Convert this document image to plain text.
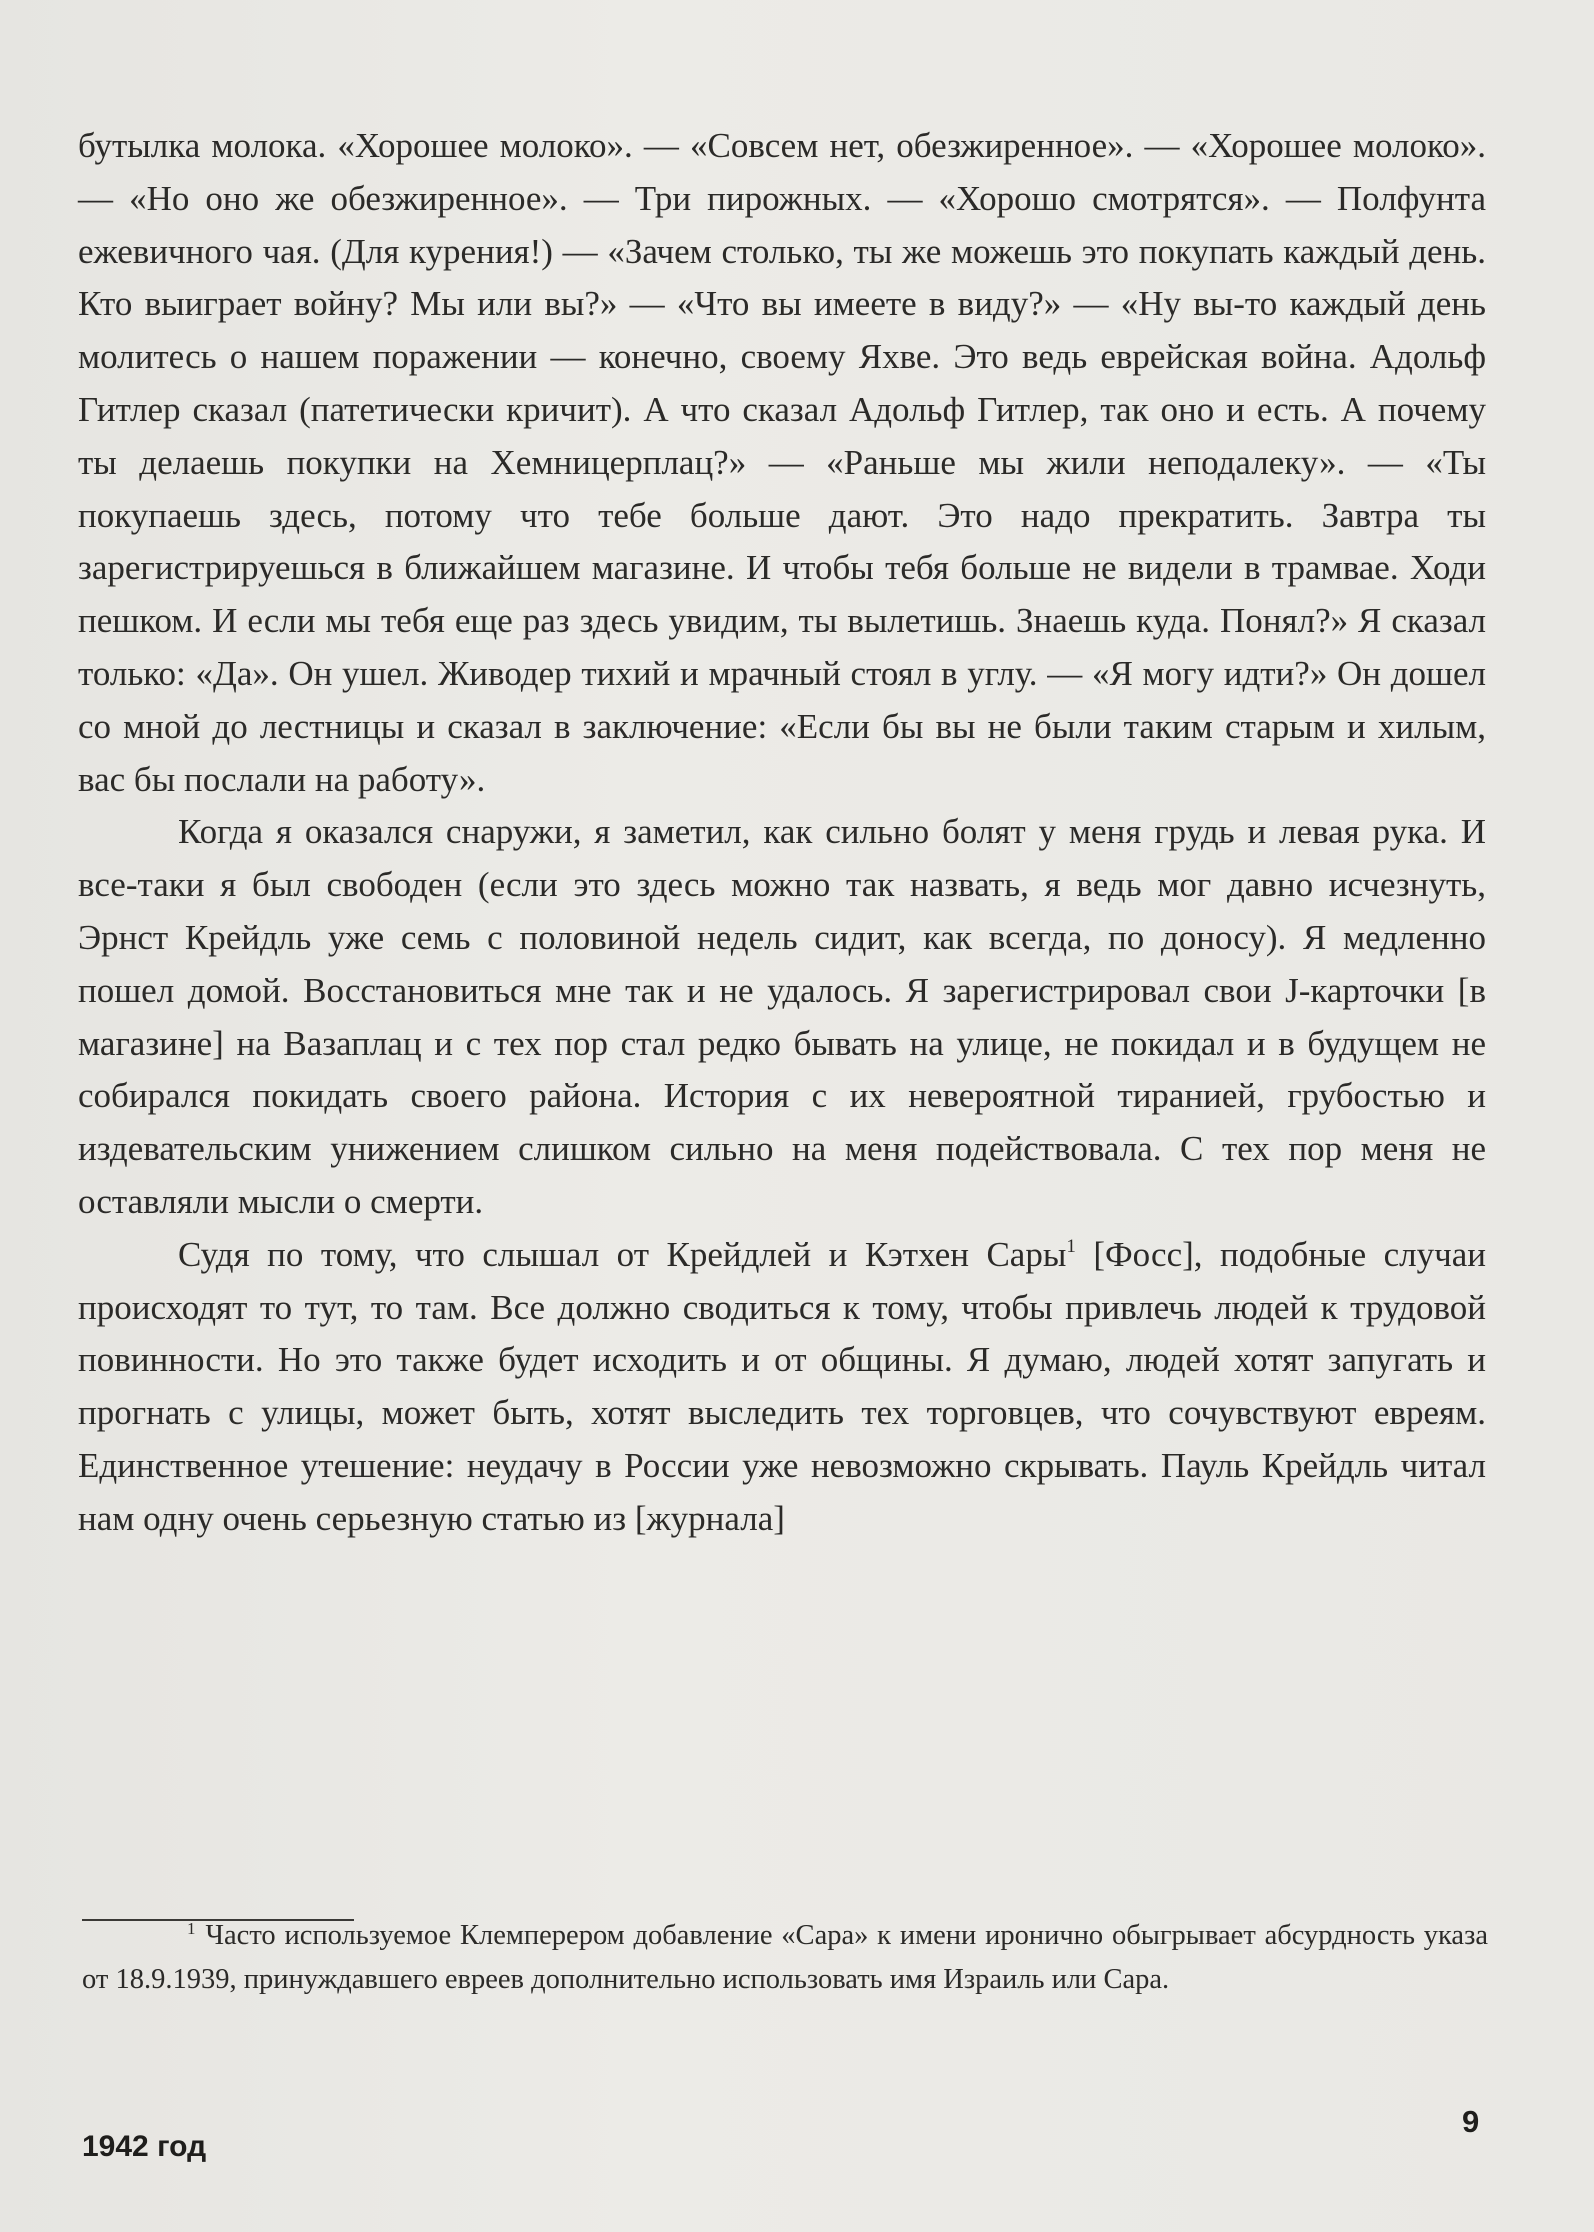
бутылка молока. «Хорошее молоко». — «Совсем нет, обезжиренное». — «Хорошее молоко». — «Но оно же обезжиренное». — Три пирожных. — «Хорошо смотрятся». — Полфунта ежевичного чая. (Для курения!) — «Зачем столько, ты же можешь это покупать каждый день. Кто выиграет войну? Мы или вы?» — «Что вы имеете в виду?» — «Ну вы-то каждый день молитесь о нашем поражении — конечно, своему Яхве. Это ведь еврейская война. Адольф Гитлер сказал (патетически кричит). А что сказал Адольф Гитлер, так оно и есть. А почему ты делаешь покупки на Хемницерплац?» — «Раньше мы жили неподалеку». — «Ты покупаешь здесь, потому что тебе больше дают. Это надо прекратить. Завтра ты зарегистрируешься в ближайшем магазине. И чтобы тебя больше не видели в трамвае. Ходи пешком. И если мы тебя еще раз здесь увидим, ты вылетишь. Знаешь куда. Понял?» Я сказал только: «Да». Он ушел. Живодер тихий и мрачный стоял в углу. — «Я могу идти?» Он дошел со мной до лестницы и сказал в заключение: «Если бы вы не были таким старым и хилым, вас бы послали на работу».

Когда я оказался снаружи, я заметил, как сильно болят у меня грудь и левая рука. И все-таки я был свободен (если это здесь можно так назвать, я ведь мог давно исчезнуть, Эрнст Крейдль уже семь с половиной недель сидит, как всегда, по доносу). Я медленно пошел домой. Восстановиться мне так и не удалось. Я зарегистрировал свои J-карточки [в магазине] на Вазаплац и с тех пор стал редко бывать на улице, не покидал и в будущем не собирался покидать своего района. История с их невероятной тиранией, грубостью и издевательским унижением слишком сильно на меня подействовала. С тех пор меня не оставляли мысли о смерти.

Судя по тому, что слышал от Крейдлей и Кэтхен Сары$^1$ [Фосс], подобные случаи происходят то тут, то там. Все должно сводиться к тому, чтобы привлечь людей к трудовой повинности. Но это также будет исходить и от общины. Я думаю, людей хотят запугать и прогнать с улицы, может быть, хотят выследить тех торговцев, что сочувствуют евреям. Единственное утешение: неудачу в России уже невозможно скрывать. Пауль Крейдль читал нам одну очень серьезную статью из [журнала]

$^1$ Часто используемое Клемперером добавление «Сара» к имени иронично обыгрывает абсурдность указа от 18.9.1939, принуждавшего евреев дополнительно использовать имя Израиль или Сара.

1942 год
9
